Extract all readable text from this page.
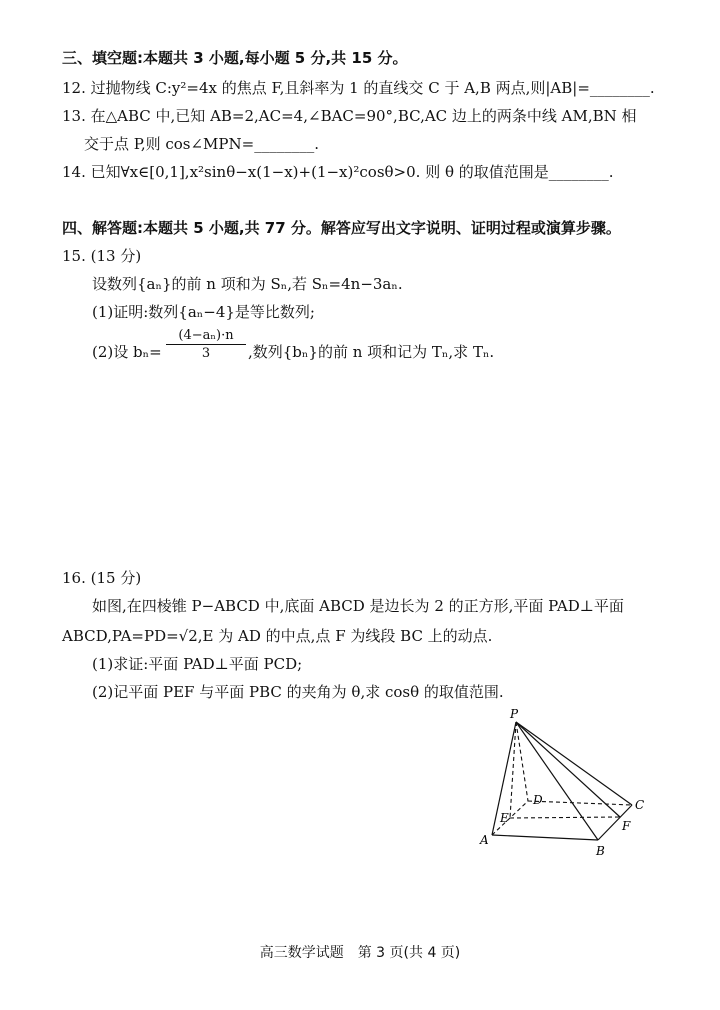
三、填空题:本题共 3 小题,每小题 5 分,共 15 分。
12. 过抛物线 C:y²=4x 的焦点 F,且斜率为 1 的直线交 C 于 A,B 两点,则|AB|=________.
13. 在△ABC 中,已知 AB=2,AC=4,∠BAC=90°,BC,AC 边上的两条中线 AM,BN 相
交于点 P,则 cos∠MPN=________.
14. 已知∀x∈[0,1],x²sinθ−x(1−x)+(1−x)²cosθ>0. 则 θ 的取值范围是________.
四、解答题:本题共 5 小题,共 77 分。解答应写出文字说明、证明过程或演算步骤。
15. (13 分)
设数列{aₙ}的前 n 项和为 Sₙ,若 Sₙ=4n−3aₙ.
(1)证明:数列{aₙ−4}是等比数列;
(2)设 bₙ=
(4−aₙ)·n
3	,数列{bₙ}的前 n 项和记为 Tₙ,求 Tₙ.
16. (15 分)
如图,在四棱锥 P−ABCD 中,底面 ABCD 是边长为 2 的正方形,平面 PAD⊥平面
ABCD,PA=PD=√2,E 为 AD 的中点,点 F 为线段 BC 上的动点.
(1)求证:平面 PAD⊥平面 PCD;
(2)记平面 PEF 与平面 PBC 的夹角为 θ,求 cosθ 的取值范围.
P
A
B
C
D
E
F
高三数学试题　第 3 页(共 4 页)
